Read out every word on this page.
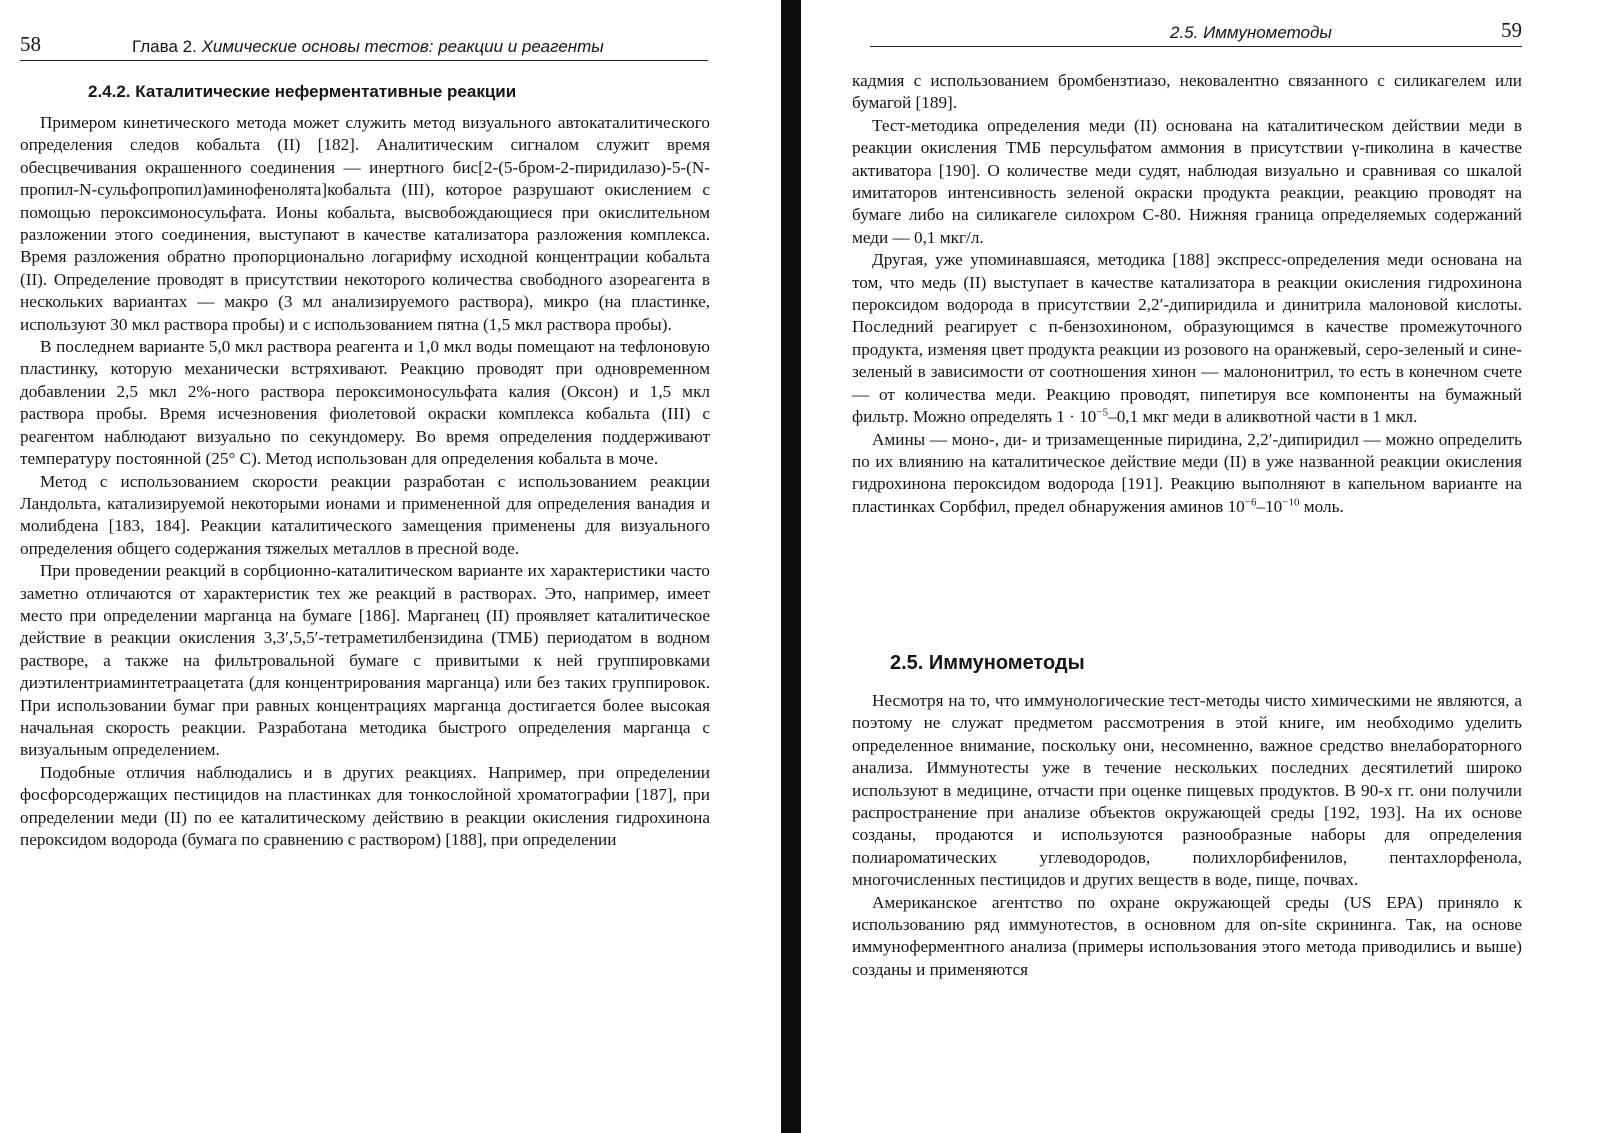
58	Глава 2. Химические основы тестов: реакции и реагенты
2.4.2. Каталитические неферментативные реакции

Примером кинетического метода может служить метод визуального автокаталитического определения следов кобальта (II) [182]. Аналитическим сигналом служит время обесцвечивания окрашенного соединения — инертного бис[2-(5-бром-2-пиридилазо)-5-(N-пропил-N-сульфопропил)аминофенолята]кобальта (III), которое разрушают окислением с помощью пероксимоносульфата. Ионы кобальта, высвобождающиеся при окислительном разложении этого соединения, выступают в качестве катализатора разложения комплекса. Время разложения обратно пропорционально логарифму исходной концентрации кобальта (II). Определение проводят в присутствии некоторого количества свободного азореагента в нескольких вариантах — макро (3 мл анализируемого раствора), микро (на пластинке, используют 30 мкл раствора пробы) и с использованием пятна (1,5 мкл раствора пробы).

В последнем варианте 5,0 мкл раствора реагента и 1,0 мкл воды помещают на тефлоновую пластинку, которую механически встряхивают. Реакцию проводят при одновременном добавлении 2,5 мкл 2%-ного раствора пероксимоносульфата калия (Оксон) и 1,5 мкл раствора пробы. Время исчезновения фиолетовой окраски комплекса кобальта (III) с реагентом наблюдают визуально по секундомеру. Во время определения поддерживают температуру постоянной (25° С). Метод использован для определения кобальта в моче.

Метод с использованием скорости реакции разработан с использованием реакции Ландольта, катализируемой некоторыми ионами и примененной для определения ванадия и молибдена [183, 184]. Реакции каталитического замещения применены для визуального определения общего содержания тяжелых металлов в пресной воде.

При проведении реакций в сорбционно-каталитическом варианте их характеристики часто заметно отличаются от характеристик тех же реакций в растворах. Это, например, имеет место при определении марганца на бумаге [186]. Марганец (II) проявляет каталитическое действие в реакции окисления 3,3′,5,5′-тетраметилбензидина (ТМБ) периодатом в водном растворе, а также на фильтровальной бумаге с привитыми к ней группировками диэтилентриаминтетраацетата (для концентрирования марганца) или без таких группировок. При использовании бумаг при равных концентрациях марганца достигается более высокая начальная скорость реакции. Разработана методика быстрого определения марганца с визуальным определением.

Подобные отличия наблюдались и в других реакциях. Например, при определении фосфорсодержащих пестицидов на пластинках для тонкослойной хроматографии [187], при определении меди (II) по ее каталитическому действию в реакции окисления гидрохинона пероксидом водорода (бумага по сравнению с раствором) [188], при определении

2.5. Иммунометоды	59

кадмия с использованием бромбензтиазо, нековалентно связанного с силикагелем или бумагой [189].

Тест-методика определения меди (II) основана на каталитическом действии меди в реакции окисления ТМБ персульфатом аммония в присутствии γ-пиколина в качестве активатора [190]. О количестве меди судят, наблюдая визуально и сравнивая со шкалой имитаторов интенсивность зеленой окраски продукта реакции, реакцию проводят на бумаге либо на силикагеле силохром С-80. Нижняя граница определяемых содержаний меди — 0,1 мкг/л.

Другая, уже упоминавшаяся, методика [188] экспресс-определения меди основана на том, что медь (II) выступает в качестве катализатора в реакции окисления гидрохинона пероксидом водорода в присутствии 2,2′-дипиридила и динитрила малоновой кислоты. Последний реагирует с п-бензохиноном, образующимся в качестве промежуточного продукта, изменяя цвет продукта реакции из розового на оранжевый, серо-зеленый и сине-зеленый в зависимости от соотношения хинон — малононитрил, то есть в конечном счете — от количества меди. Реакцию проводят, пипетируя все компоненты на бумажный фильтр. Можно определять $1 \cdot 10^{-5}-0,1$ мкг меди в аликвотной части в 1 мкл.

Амины — моно-, ди- и тризамещенные пиридина, 2,2′-дипиридил — можно определить по их влиянию на каталитическое действие меди (II) в уже названной реакции окисления гидрохинона пероксидом водорода [191]. Реакцию выполняют в капельном варианте на пластинках Сорбфил, предел обнаружения аминов $10^{-6}-10^{-10}$ моль.

2.5. Иммунометоды

Несмотря на то, что иммунологические тест-методы чисто химическими не являются, а поэтому не служат предметом рассмотрения в этой книге, им необходимо уделить определенное внимание, поскольку они, несомненно, важное средство внелабораторного анализа. Иммунотесты уже в течение нескольких последних десятилетий широко используют в медицине, отчасти при оценке пищевых продуктов. В 90-х гг. они получили распространение при анализе объектов окружающей среды [192, 193]. На их основе созданы, продаются и используются разнообразные наборы для определения полиароматических углеводородов, полихлорбифенилов, пентахлорфенола, многочисленных пестицидов и других веществ в воде, пище, почвах.

Американское агентство по охране окружающей среды (US EPA) приняло к использованию ряд иммунотестов, в основном для on-site скрининга. Так, на основе иммуноферментного анализа (примеры использования этого метода приводились и выше) созданы и применяются
